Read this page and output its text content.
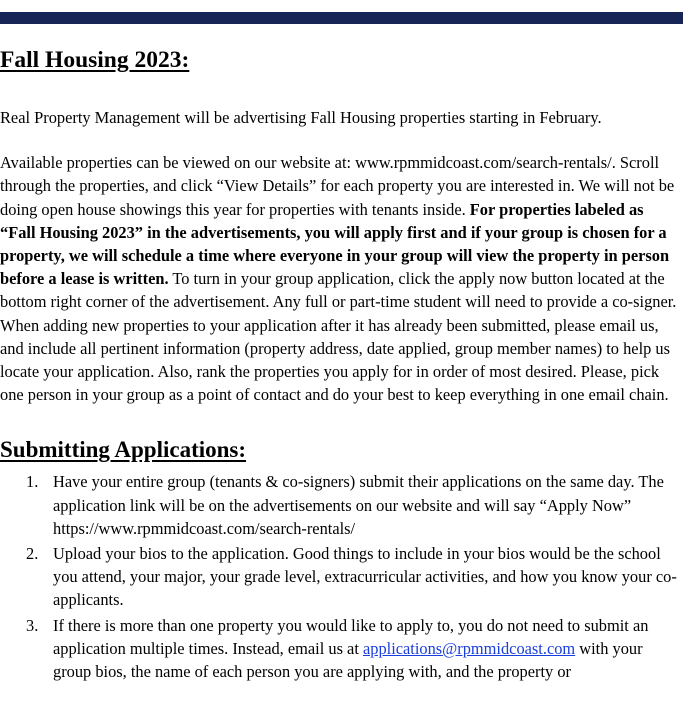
Fall Housing 2023:

Real Property Management will be advertising Fall Housing properties starting in February.

Available properties can be viewed on our website at: www.rpmmidcoast.com/search-rentals/. Scroll through the properties, and click “View Details” for each property you are interested in. We will not be doing open house showings this year for properties with tenants inside. For properties labeled as “Fall Housing 2023” in the advertisements, you will apply first and if your group is chosen for a property, we will schedule a time where everyone in your group will view the property in person before a lease is written. To turn in your group application, click the apply now button located at the bottom right corner of the advertisement. Any full or part-time student will need to provide a co-signer. When adding new properties to your application after it has already been submitted, please email us, and include all pertinent information (property address, date applied, group member names) to help us locate your application. Also, rank the properties you apply for in order of most desired. Please, pick one person in your group as a point of contact and do your best to keep everything in one email chain.

Submitting Applications:
1. Have your entire group (tenants & co-signers) submit their applications on the same day. The application link will be on the advertisements on our website and will say “Apply Now” https://www.rpmmidcoast.com/search-rentals/
2. Upload your bios to the application. Good things to include in your bios would be the school you attend, your major, your grade level, extracurricular activities, and how you know your co-applicants.
3. If there is more than one property you would like to apply to, you do not need to submit an application multiple times. Instead, email us at applications@rpmmidcoast.com with your group bios, the name of each person you are applying with, and the property or
